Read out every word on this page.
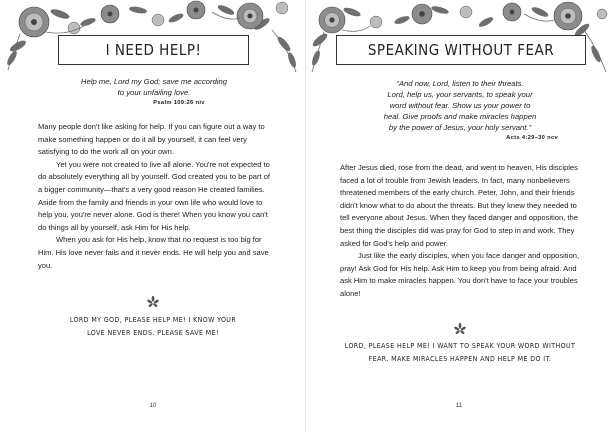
I NEED HELP!
Help me, Lord my God; save me according
to your unfailing love.
Psalm 109:26 niv

Many people don't like asking for help. If you can figure out a way to make something happen or do it all by yourself, it can feel very satisfying to do the work all on your own.

Yet you were not created to live all alone. You're not expected to do absolutely everything all by yourself. God created you to be part of a bigger community—that's a very good reason He created families. Aside from the family and friends in your own life who would love to help you, you're never alone. God is there! When you know you can't do things all by yourself, ask Him for His help.

When you ask for His help, know that no request is too big for Him. His love never fails and it never ends. He will help you and save you.

LORD MY GOD, PLEASE HELP ME! I KNOW YOUR
LOVE NEVER ENDS. PLEASE SAVE ME!
10
SPEAKING WITHOUT FEAR
“And now, Lord, listen to their threats.
Lord, help us, your servants, to speak your
word without fear. Show us your power to
heal. Give proofs and make miracles happen
by the power of Jesus, your holy servant.”
Acts 4:29–30 ncv

After Jesus died, rose from the dead, and went to heaven, His disciples faced a lot of trouble from Jewish leaders. In fact, many nonbelievers threatened members of the early church. Peter, John, and their friends didn't know what to do about the threats. But they knew they needed to tell everyone about Jesus. When they faced danger and opposition, the best thing the disciples did was pray for God to step in and work. They asked for God's help and power.

Just like the early disciples, when you face danger and opposition, pray! Ask God for His help. Ask Him to keep you from being afraid. And ask Him to make miracles happen. You don't have to face your troubles alone!

LORD, PLEASE HELP ME! I WANT TO SPEAK YOUR WORD WITHOUT
FEAR. MAKE MIRACLES HAPPEN AND HELP ME DO IT.
11
